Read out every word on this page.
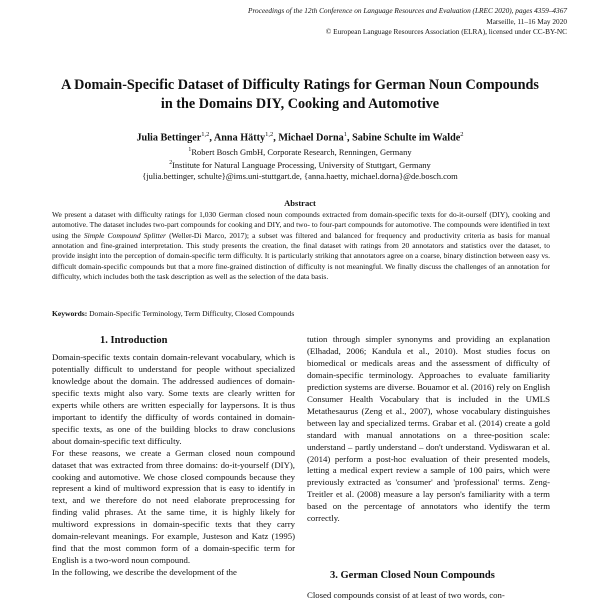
Proceedings of the 12th Conference on Language Resources and Evaluation (LREC 2020), pages 4359–4367
Marseille, 11–16 May 2020
© European Language Resources Association (ELRA), licensed under CC-BY-NC
A Domain-Specific Dataset of Difficulty Ratings for German Noun Compounds
in the Domains DIY, Cooking and Automotive
Julia Bettinger$^{1,2}$, Anna Hätty$^{1,2}$, Michael Dorna$^1$, Sabine Schulte im Walde$^2$
$^1$Robert Bosch GmbH, Corporate Research, Renningen, Germany
$^2$Institute for Natural Language Processing, University of Stuttgart, Germany
{julia.bettinger, schulte}@ims.uni-stuttgart.de, {anna.haetty, michael.dorna}@de.bosch.com
Abstract
We present a dataset with difficulty ratings for 1,030 German closed noun compounds extracted from domain-specific texts for do-it-ourself (DIY), cooking and automotive. The dataset includes two-part compounds for cooking and DIY, and two- to four-part compounds for automotive. The compounds were identified in text using the Simple Compound Splitter (Weller-Di Marco, 2017); a subset was filtered and balanced for frequency and productivity criteria as basis for manual annotation and fine-grained interpretation. This study presents the creation, the final dataset with ratings from 20 annotators and statistics over the dataset, to provide insight into the perception of domain-specific term difficulty. It is particularly striking that annotators agree on a coarse, binary distinction between easy vs. difficult domain-specific compounds but that a more fine-grained distinction of difficulty is not meaningful. We finally discuss the challenges of an annotation for difficulty, which includes both the task description as well as the selection of the data basis.
Keywords: Domain-Specific Terminology, Term Difficulty, Closed Compounds
1. Introduction

Domain-specific texts contain domain-relevant vocabulary, which is potentially difficult to understand for people without specialized knowledge about the domain. The addressed audiences of domain-specific texts might also vary. Some texts are clearly written for experts while others are written especially for laypersons. It is thus important to identify the difficulty of words contained in domain-specific texts, as one of the building blocks to draw conclusions about domain-specific text difficulty.

For these reasons, we create a German closed noun compound dataset that was extracted from three domains: do-it-yourself (DIY), cooking and automotive. We chose closed compounds because they represent a kind of multiword expression that is easy to identify in text, and we therefore do not need elaborate preprocessing for finding valid phrases. At the same time, it is highly likely for multiword expressions in domain-specific texts that they carry domain-relevant meanings. For example, Justeson and Katz (1995) find that the most common form of a domain-specific term for English is a two-word noun compound.

In the following, we describe the development of the

tution through simpler synonyms and providing an explanation (Elhadad, 2006; Kandula et al., 2010). Most studies focus on biomedical or medicals areas and the assessment of difficulty of domain-specific terminology. Approaches to evaluate familiarity prediction systems are diverse. Bouamor et al. (2016) rely on English Consumer Health Vocabulary that is included in the UMLS Metathesaurus (Zeng et al., 2007), whose vocabulary distinguishes between lay and specialized terms. Grabar et al. (2014) create a gold standard with manual annotations on a three-position scale: understand – partly understand – don't understand. Vydiswaran et al. (2014) perform a post-hoc evaluation of their presented models, letting a medical expert review a sample of 100 pairs, which were previously extracted as 'consumer' and 'professional' terms. Zeng-Treitler et al. (2008) measure a lay person's familiarity with a term based on the percentage of annotators who identify the term correctly.

3. German Closed Noun Compounds
Closed compounds consist of at least of two words, con-
